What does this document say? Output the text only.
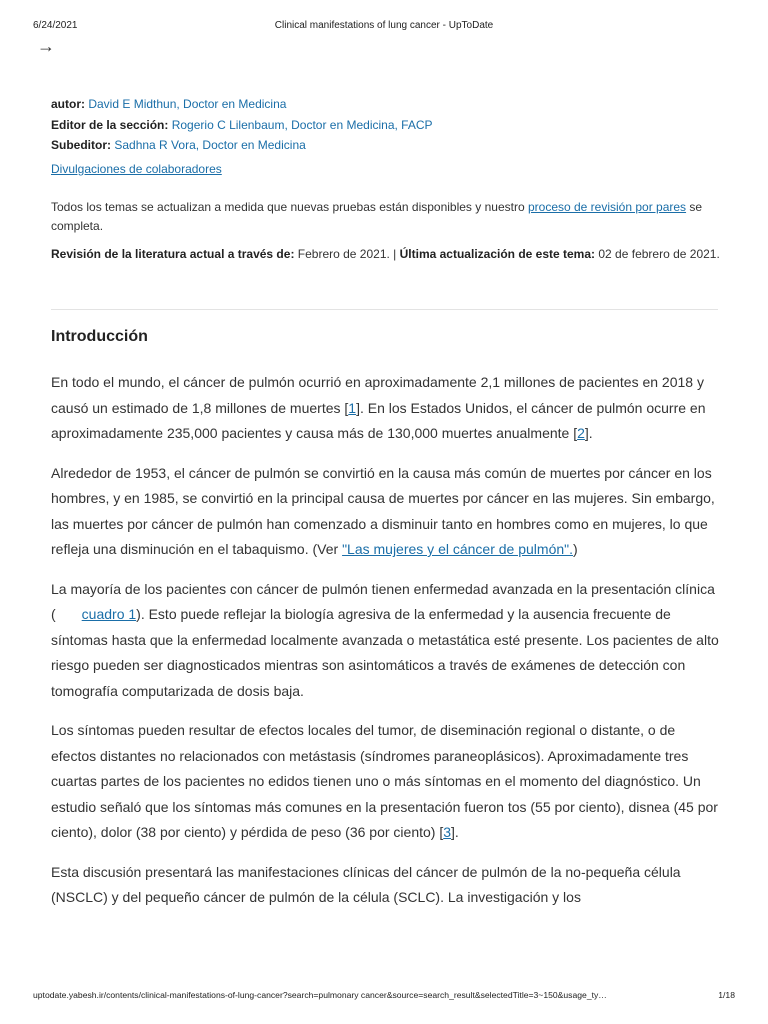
6/24/2021	Clinical manifestations of lung cancer - UpToDate
→
autor: David E Midthun, Doctor en Medicina
Editor de la sección: Rogerio C Lilenbaum, Doctor en Medicina, FACP
Subeditor: Sadhna R Vora, Doctor en Medicina
Divulgaciones de colaboradores
Todos los temas se actualizan a medida que nuevas pruebas están disponibles y nuestro proceso de revisión por pares se completa.
Revisión de la literatura actual a través de: Febrero de 2021. | Última actualización de este tema: 02 de febrero de 2021.
Introducción

En todo el mundo, el cáncer de pulmón ocurrió en aproximadamente 2,1 millones de pacientes en 2018 y causó un estimado de 1,8 millones de muertes [1]. En los Estados Unidos, el cáncer de pulmón ocurre en aproximadamente 235,000 pacientes y causa más de 130,000 muertes anualmente [2].

Alrededor de 1953, el cáncer de pulmón se convirtió en la causa más común de muertes por cáncer en los hombres, y en 1985, se convirtió en la principal causa de muertes por cáncer en las mujeres. Sin embargo, las muertes por cáncer de pulmón han comenzado a disminuir tanto en hombres como en mujeres, lo que refleja una disminución en el tabaquismo. (Ver "Las mujeres y el cáncer de pulmón".)

La mayoría de los pacientes con cáncer de pulmón tienen enfermedad avanzada en la presentación clínica ( cuadro 1). Esto puede reflejar la biología agresiva de la enfermedad y la ausencia frecuente de síntomas hasta que la enfermedad localmente avanzada o metastática esté presente. Los pacientes de alto riesgo pueden ser diagnosticados mientras son asintomáticos a través de exámenes de detección con tomografía computarizada de dosis baja.

Los síntomas pueden resultar de efectos locales del tumor, de diseminación regional o distante, o de efectos distantes no relacionados con metástasis (síndromes paraneoplásicos). Aproximadamente tres cuartas partes de los pacientes no edidos tienen uno o más síntomas en el momento del diagnóstico. Un estudio señaló que los síntomas más comunes en la presentación fueron tos (55 por ciento), disnea (45 por ciento), dolor (38 por ciento) y pérdida de peso (36 por ciento) [3].

Esta discusión presentará las manifestaciones clínicas del cáncer de pulmón de la no-pequeña célula (NSCLC) y del pequeño cáncer de pulmón de la célula (SCLC). La investigación y los

uptodate.yabesh.ir/contents/clinical-manifestations-of-lung-cancer?search=pulmonary cancer&source=search_result&selectedTitle=3~150&usage_ty…	1/18
